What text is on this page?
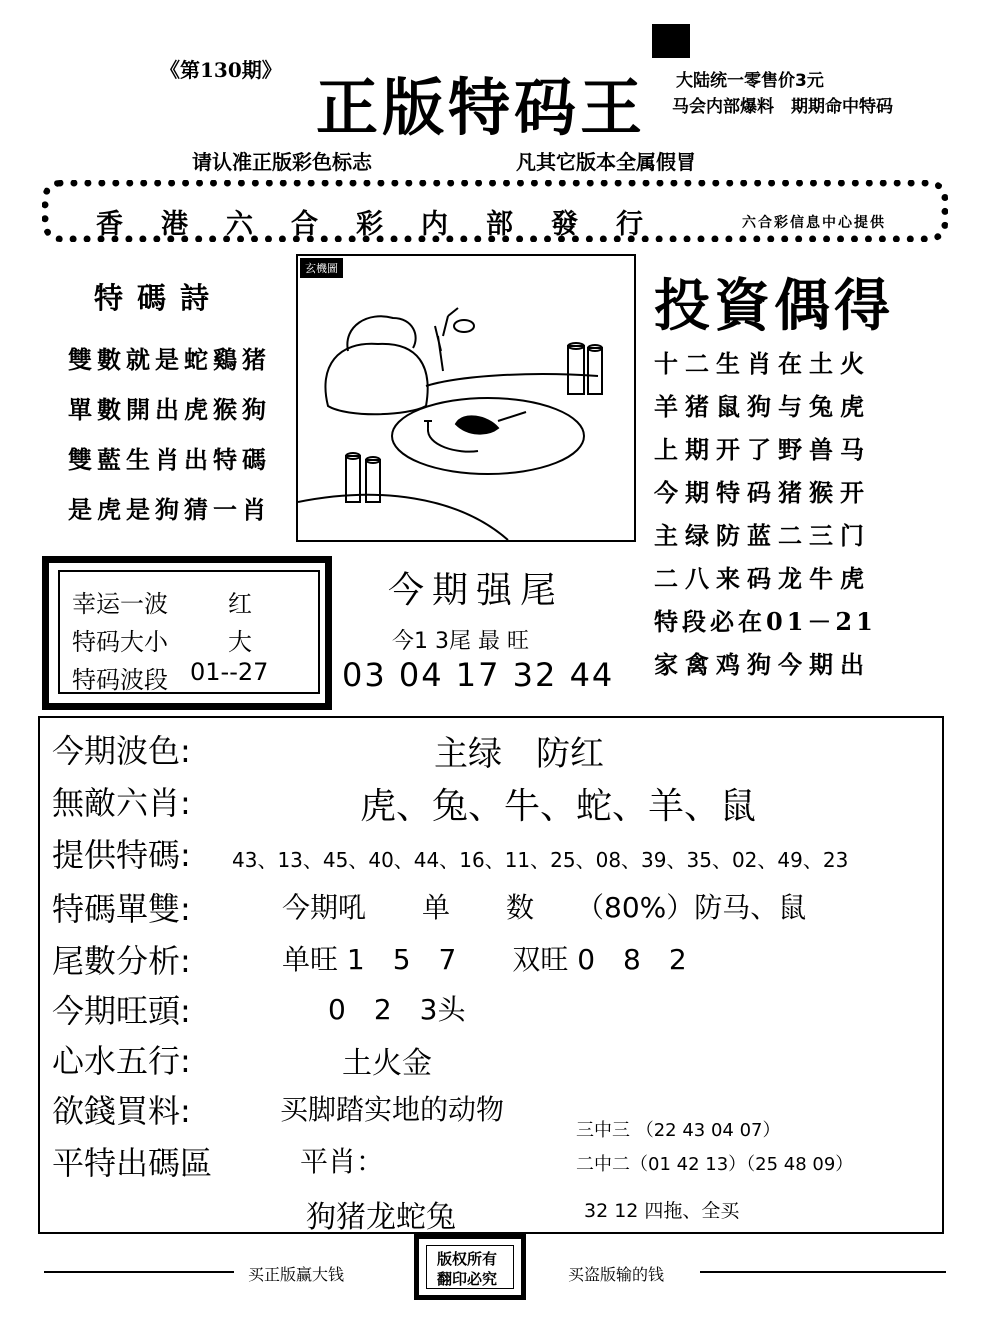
《第130期》
正版特码王 大陆统一零售价3元
马会内部爆料　期期命中特码
请认准正版彩色标志	凡其它版本全属假冒
香港六合彩内部發行	六合彩信息中心提供
特碼詩
雙數就是蛇鷄猪
單數開出虎猴狗
雙藍生肖出特碼
是虎是狗猜一肖
玄機圖
投資偶得
十二生肖在土火
羊猪鼠狗与兔虎
上期开了野兽马
今期特码猪猴开
主绿防蓝二三门
二八来码龙牛虎
特段必在01－21
家禽鸡狗今期出
幸运一波	红
特码大小	大
特码波段 01--27
今期强尾
今1 3尾 最 旺
03 04 17 32 44
今期波色:	主绿　防红
無敵六肖:	虎、兔、牛、蛇、羊、鼠
提供特碼: 43、13、45、40、44、16、11、25、08、39、35、02、49、23
特碼單雙:	今期吼　　单　　数　　（80%）防马、鼠
尾數分析:	单旺 1　5　7　　双旺 0　8　2
今期旺頭:	0　2　3头
心水五行:	土火金
欲錢買料:	买脚踏实地的动物
平特出碼區	平肖：
狗猪龙蛇兔
三中三 （22 43 04 07）
二中二（01 42 13）（25 48 09）
32 12 四拖、全买
买正版赢大钱
版权所有
翻印必究	买盗版输的钱
